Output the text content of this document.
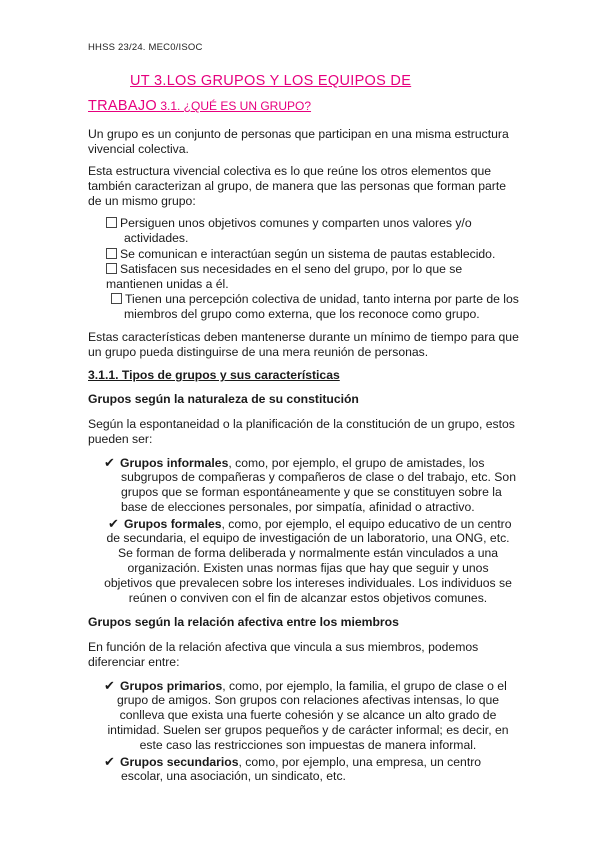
HHSS 23/24. MEC0/ISOC
UT 3.LOS GRUPOS Y LOS EQUIPOS DE
TRABAJO 3.1. ¿QUÉ ES UN GRUPO?
Un grupo es un conjunto de personas que participan en una misma estructura
vivencial colectiva.
Esta estructura vivencial colectiva es lo que reúne los otros elementos que
también caracterizan al grupo, de manera que las personas que forman parte
de un mismo grupo:
Persiguen unos objetivos comunes y comparten unos valores y/o
actividades.
Se comunican e interactúan según un sistema de pautas establecido.
Satisfacen sus necesidades en el seno del grupo, por lo que se
mantienen unidas a él.
Tienen una percepción colectiva de unidad, tanto interna por parte de los
miembros del grupo como externa, que los reconoce como grupo.
Estas características deben mantenerse durante un mínimo de tiempo para que
un grupo pueda distinguirse de una mera reunión de personas.
3.1.1. Tipos de grupos y sus características
Grupos según la naturaleza de su constitución
Según la espontaneidad o la planificación de la constitución de un grupo, estos
pueden ser:
✔ Grupos informales, como, por ejemplo, el grupo de amistades, los
subgrupos de compañeras y compañeros de clase o del trabajo, etc. Son
grupos que se forman espontáneamente y que se constituyen sobre la
base de elecciones personales, por simpatía, afinidad o atractivo.
✔ Grupos formales, como, por ejemplo, el equipo educativo de un centro
de secundaria, el equipo de investigación de un laboratorio, una ONG, etc.
Se forman de forma deliberada y normalmente están vinculados a una
organización. Existen unas normas fijas que hay que seguir y unos
objetivos que prevalecen sobre los intereses individuales. Los individuos se
reúnen o conviven con el fin de alcanzar estos objetivos comunes.
Grupos según la relación afectiva entre los miembros
En función de la relación afectiva que vincula a sus miembros, podemos
diferenciar entre:
✔ Grupos primarios, como, por ejemplo, la familia, el grupo de clase o el
grupo de amigos. Son grupos con relaciones afectivas intensas, lo que
conlleva que exista una fuerte cohesión y se alcance un alto grado de
intimidad. Suelen ser grupos pequeños y de carácter informal; es decir, en
este caso las restricciones son impuestas de manera informal.
✔ Grupos secundarios, como, por ejemplo, una empresa, un centro
escolar, una asociación, un sindicato, etc.
